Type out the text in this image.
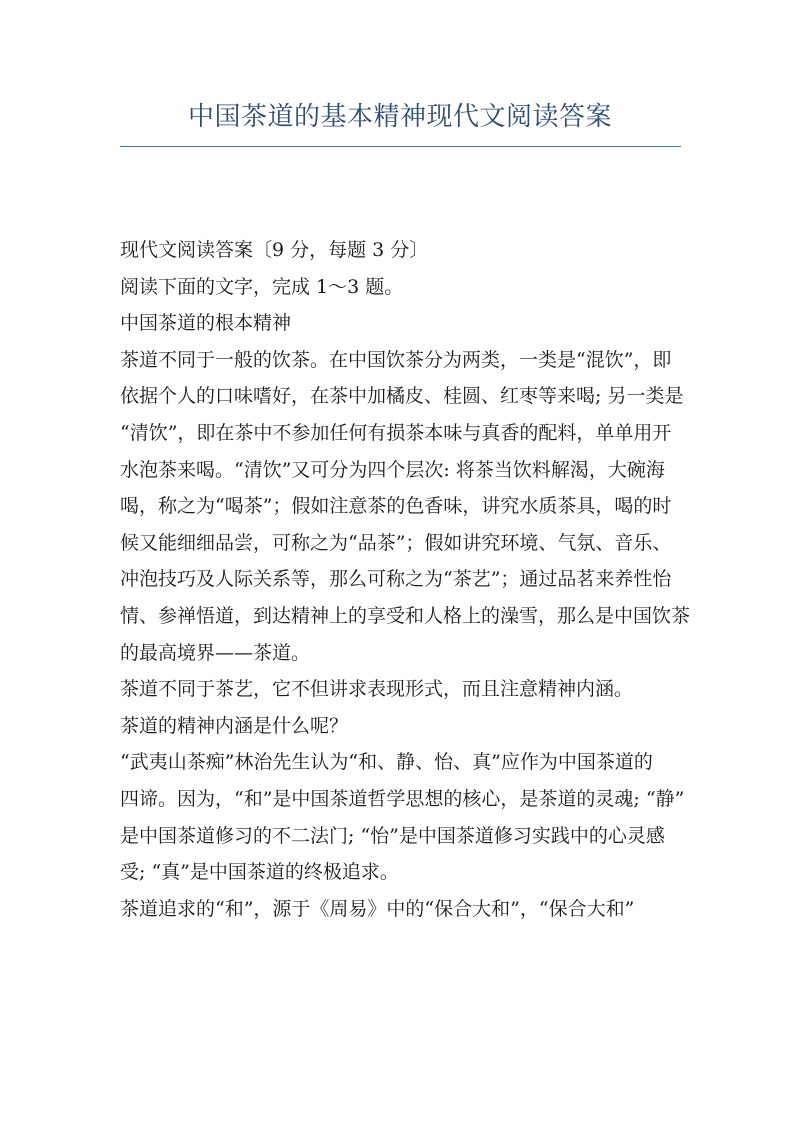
中国茶道的基本精神现代文阅读答案
现代文阅读答案〔9 分，每题 3 分〕
阅读下面的文字，完成 1～3 题。
中国茶道的根本精神
茶道不同于一般的饮茶。在中国饮茶分为两类，一类是“混饮”，即
依据个人的口味嗜好，在茶中加橘皮、桂圆、红枣等来喝; 另一类是
“清饮”，即在茶中不参加任何有损茶本味与真香的配料，单单用开
水泡茶来喝。“清饮”又可分为四个层次: 将茶当饮料解渴，大碗海
喝，称之为“喝茶”；假如注意茶的色香味，讲究水质茶具，喝的时
候又能细细品尝，可称之为“品茶”；假如讲究环境、气氛、音乐、
冲泡技巧及人际关系等，那么可称之为“茶艺”；通过品茗来养性怡
情、参禅悟道，到达精神上的享受和人格上的澡雪，那么是中国饮茶
的最高境界——茶道。
茶道不同于茶艺，它不但讲求表现形式，而且注意精神内涵。
茶道的精神内涵是什么呢？
“武夷山茶痴”林治先生认为“和、静、怡、真”应作为中国茶道的
四谛。因为，“和”是中国茶道哲学思想的核心，是茶道的灵魂; “静”
是中国茶道修习的不二法门; “怡”是中国茶道修习实践中的心灵感
受; “真”是中国茶道的终极追求。
茶道追求的“和”，源于《周易》中的“保合大和”，“保合大和”
